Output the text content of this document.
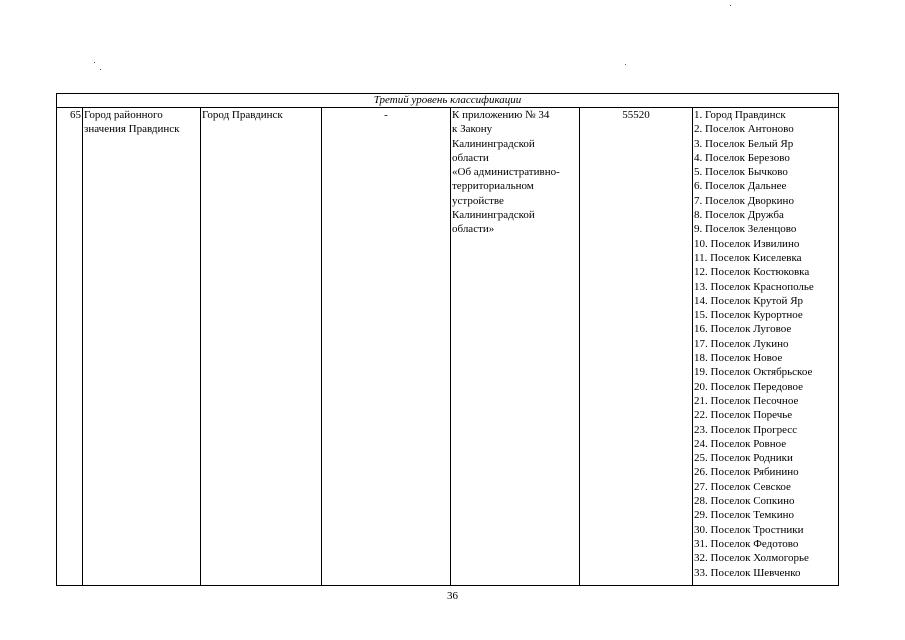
Третий уровень классификации
65	Город районного
значения Правдинск
	Город Правдинск	-	К приложению № 34
к Закону
Калининградской
области
«Об административно-
территориальном
устройстве
Калининградской
области»
	55520	1. Город Правдинск
2. Поселок Антоново
3. Поселок Белый Яр
4. Поселок Березово
5. Поселок Бычково
6. Поселок Дальнее
7. Поселок Дворкино
8. Поселок Дружба
9. Поселок Зеленцово
10. Поселок Извилино
11. Поселок Киселевка
12. Поселок Костюковка
13. Поселок Краснополье
14. Поселок Крутой Яр
15. Поселок Курортное
16. Поселок Луговое
17. Поселок Лукино
18. Поселок Новое
19. Поселок Октябрьское
20. Поселок Передовое
21. Поселок Песочное
22. Поселок Поречье
23. Поселок Прогресс
24. Поселок Ровное
25. Поселок Родники
26. Поселок Рябинино
27. Поселок Севское
28. Поселок Сопкино
29. Поселок Темкино
30. Поселок Тростники
31. Поселок Федотово
32. Поселок Холмогорье
33. Поселок Шевченко
36
